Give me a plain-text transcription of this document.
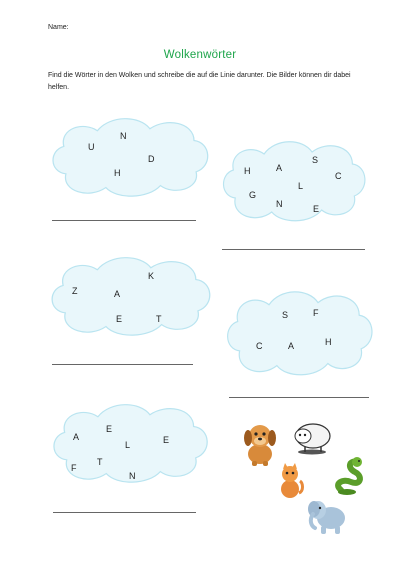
Name:
Wolkenwörter
Find die Wörter in den Wolken und schreibe die auf die Linie darunter. Die Bilder können dir dabei helfen.
N
U
D
H
S
A
H	C
L
G
N	E
K
Z	A
E	T
F
S
H
C	A
E
A
L	E
T
F
N
